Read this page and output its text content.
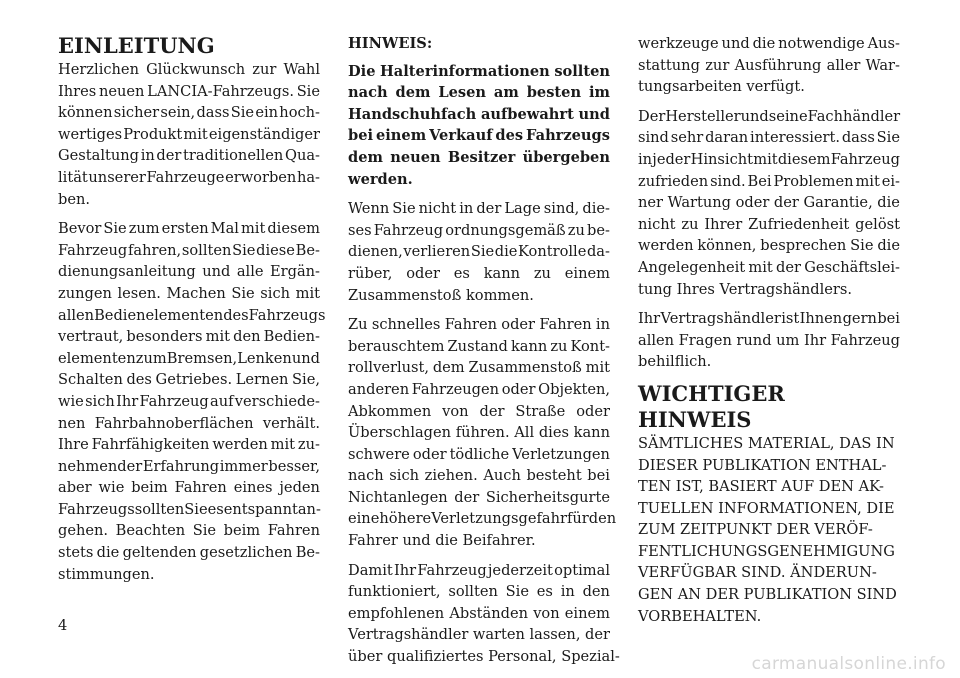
EINLEITUNG

Herzlichen Glückwunsch zur Wahl
Ihres neuen LANCIA-Fahrzeugs. Sie
können sicher sein, dass Sie ein hoch-
wertiges Produkt mit eigenständiger
Gestaltung in der traditionellen Qua-
lität unserer Fahrzeuge erworben ha-
ben.

Bevor Sie zum ersten Mal mit diesem
Fahrzeug fahren, sollten Sie diese Be-
dienungsanleitung und alle Ergän-
zungen lesen. Machen Sie sich mit
allen Bedienelementen des Fahrzeugs
vertraut, besonders mit den Bedien-
elementen zum Bremsen, Lenken und
Schalten des Getriebes. Lernen Sie,
wie sich Ihr Fahrzeug auf verschiede-
nen Fahrbahnoberflächen verhält.
Ihre Fahrfähigkeiten werden mit zu-
nehmender Erfahrung immer besser,
aber wie beim Fahren eines jeden
Fahrzeugs sollten Sie es entspannt an-
gehen. Beachten Sie beim Fahren
stets die geltenden gesetzlichen Be-
stimmungen.

HINWEIS:

Die Halterinformationen sollten
nach dem Lesen am besten im
Handschuhfach aufbewahrt und
bei einem Verkauf des Fahrzeugs
dem neuen Besitzer übergeben
werden.

Wenn Sie nicht in der Lage sind, die-
ses Fahrzeug ordnungsgemäß zu be-
dienen, verlieren Sie die Kontrolle da-
rüber, oder es kann zu einem
Zusammenstoß kommen.

Zu schnelles Fahren oder Fahren in
berauschtem Zustand kann zu Kont-
rollverlust, dem Zusammenstoß mit
anderen Fahrzeugen oder Objekten,
Abkommen von der Straße oder
Überschlagen führen. All dies kann
schwere oder tödliche Verletzungen
nach sich ziehen. Auch besteht bei
Nichtanlegen der Sicherheitsgurte
eine höhere Verletzungsgefahr für den
Fahrer und die Beifahrer.

Damit Ihr Fahrzeug jederzeit optimal
funktioniert, sollten Sie es in den
empfohlenen Abständen von einem
Vertragshändler warten lassen, der
über qualifiziertes Personal, Spezial-

werkzeuge und die notwendige Aus-
stattung zur Ausführung aller War-
tungsarbeiten verfügt.

Der Hersteller und seine Fachhändler
sind sehr daran interessiert. dass Sie
in jeder Hinsicht mit diesem Fahrzeug
zufrieden sind. Bei Problemen mit ei-
ner Wartung oder der Garantie, die
nicht zu Ihrer Zufriedenheit gelöst
werden können, besprechen Sie die
Angelegenheit mit der Geschäftslei-
tung Ihres Vertragshändlers.

Ihr Vertragshändler ist Ihnen gern bei
allen Fragen rund um Ihr Fahrzeug
behilflich.

WICHTIGER HINWEIS

SÄMTLICHES MATERIAL, DAS IN
DIESER PUBLIKATION ENTHAL-
TEN IST, BASIERT AUF DEN AK-
TUELLEN INFORMATIONEN, DIE
ZUM ZEITPUNKT DER VERÖF-
FENTLICHUNGSGENEHMIGUNG
VERFÜGBAR SIND. ÄNDERUN-
GEN AN DER PUBLIKATION SIND
VORBEHALTEN.

4
carmanualsonline.info
